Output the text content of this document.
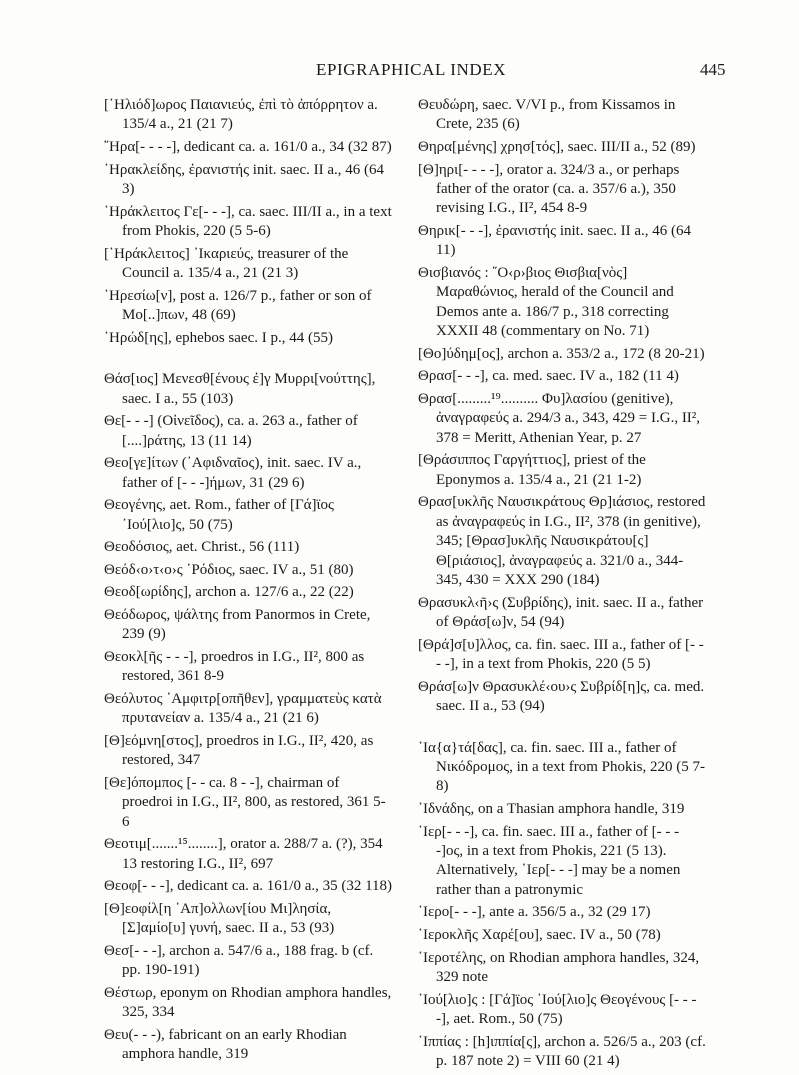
EPIGRAPHICAL INDEX	445

[῾Ηλιόδ]ωρος Παιανιεύς, ἐπὶ τὸ ἀπόρρητον a. 135/4 a., 21 (21 7)

῞Ηρα[- - - -], dedicant ca. a. 161/0 a., 34 (32 87)

῾Ηρακλείδης, ἐρανιστής init. saec. II a., 46 (64 3)

῾Ηράκλειτος Γε[- - -], ca. saec. III/II a., in a text from Phokis, 220 (5 5-6)

[῾Ηράκλειτος] ᾿Ικαριεύς, treasurer of the Council a. 135/4 a., 21 (21 3)

῾Ηρεσίω[ν], post a. 126/7 p., father or son of Μο[..]πων, 48 (69)

῾Ηρώδ[ης], ephebos saec. I p., 44 (55)

Θάσ[ιος] Μενεσθ[ένους ἐ]γ Μυρρι[νούττης], saec. I a., 55 (103)

Θε[- - -] (Οἰνεῖδος), ca. a. 263 a., father of [....]ράτης, 13 (11 14)

Θεο[γε]ίτων (᾿Αφιδναῖος), init. saec. IV a., father of [- - -]ήμων, 31 (29 6)

Θεογένης, aet. Rom., father of [Γά]ϊος ᾿Ιού[λιο]ς, 50 (75)

Θεοδόσιος, aet. Christ., 56 (111)

Θεόδ‹ο›τ‹ο›ς ῾Ρόδιος, saec. IV a., 51 (80)

Θεοδ[ωρίδης], archon a. 127/6 a., 22 (22)

Θεόδωρος, ψάλτης from Panormos in Crete, 239 (9)

Θεοκλ[ῆς - - -], proedros in I.G., II², 800 as restored, 361 8-9

Θεόλυτος ᾿Αμφιτρ[οπῆθεν], γραμματεὺς κατὰ πρυτανείαν a. 135/4 a., 21 (21 6)

[Θ]εόμνη[στος], proedros in I.G., II², 420, as restored, 347

[Θε]όπομπος [- - ca. 8 - -], chairman of proedroi in I.G., II², 800, as restored, 361 5-6

Θεοτιμ[.......¹⁵........], orator a. 288/7 a. (?), 354 13 restoring I.G., II², 697

Θεοφ[- - -], dedicant ca. a. 161/0 a., 35 (32 118)

[Θ]εοφίλ[η ᾿Απ]ολλων[ίου Μι]λησία, [Σ]αμίο[υ] γυνή, saec. II a., 53 (93)

Θεσ[- - -], archon a. 547/6 a., 188 frag. b (cf. pp. 190-191)

Θέστωρ, eponym on Rhodian amphora handles, 325, 334

Θευ(- - -), fabricant on an early Rhodian amphora handle, 319

Θευδώρη, saec. V/VI p., from Kissamos in Crete, 235 (6)

Θηρα[μένης] χρησ[τός], saec. III/II a., 52 (89)

[Θ]ηρι[- - - -], orator a. 324/3 a., or perhaps father of the orator (ca. a. 357/6 a.), 350 revising I.G., II², 454 8-9

Θηρικ[- - -], ἐρανιστής init. saec. II a., 46 (64 11)

Θισβιανός : ῞Ο‹ρ›βιος Θισβια[νὸς] Μαραθώνιος, herald of the Council and Demos ante a. 186/7 p., 318 correcting XXXII 48 (commentary on No. 71)

[Θο]ύδημ[ος], archon a. 353/2 a., 172 (8 20-21)

Θρασ[- - -], ca. med. saec. IV a., 182 (11 4)

Θρασ[.........¹⁹.......... Φυ]λασίου (genitive), ἀναγραφεύς a. 294/3 a., 343, 429 = I.G., II², 378 = Meritt, Athenian Year, p. 27

[Θράσιππος Γαργήττιος], priest of the Eponymos a. 135/4 a., 21 (21 1-2)

Θρασ[υκλῆς Ναυσικράτους Θρ]ιάσιος, restored as ἀναγραφεύς in I.G., II², 378 (in genitive), 345; [Θρασ]υκλῆς Ναυσικράτου[ς] Θ[ριάσιος], ἀναγραφεύς a. 321/0 a., 344-345, 430 = XXX 290 (184)

Θρασυκλ‹ῆ›ς (Συβρίδης), init. saec. II a., father of Θράσ[ω]ν, 54 (94)

[Θρά]σ[υ]λλος, ca. fin. saec. III a., father of [- - - -], in a text from Phokis, 220 (5 5)

Θράσ[ω]ν Θρασυκλέ‹ου›ς Συβρίδ[η]ς, ca. med. saec. II a., 53 (94)

᾿Ια{α}τά[δας], ca. fin. saec. III a., father of Νικόδρομος, in a text from Phokis, 220 (5 7-8)

᾿Ιδνάδης, on a Thasian amphora handle, 319

῾Ιερ[- - -], ca. fin. saec. III a., father of [- - - -]ος, in a text from Phokis, 221 (5 13). Alternatively, ῾Ιερ[- - -] may be a nomen rather than a patronymic

῾Ιερο[- - -], ante a. 356/5 a., 32 (29 17)

῾Ιεροκλῆς Χαρέ[ου], saec. IV a., 50 (78)

῾Ιεροτέλης, on Rhodian amphora handles, 324, 329 note

᾿Ιού[λιο]ς : [Γά]ϊος ᾿Ιού[λιο]ς Θεογένους [- - - -], aet. Rom., 50 (75)

῾Ιππίας : [h]ιππία[ς], archon a. 526/5 a., 203 (cf. p. 187 note 2) = VIII 60 (21 4)
